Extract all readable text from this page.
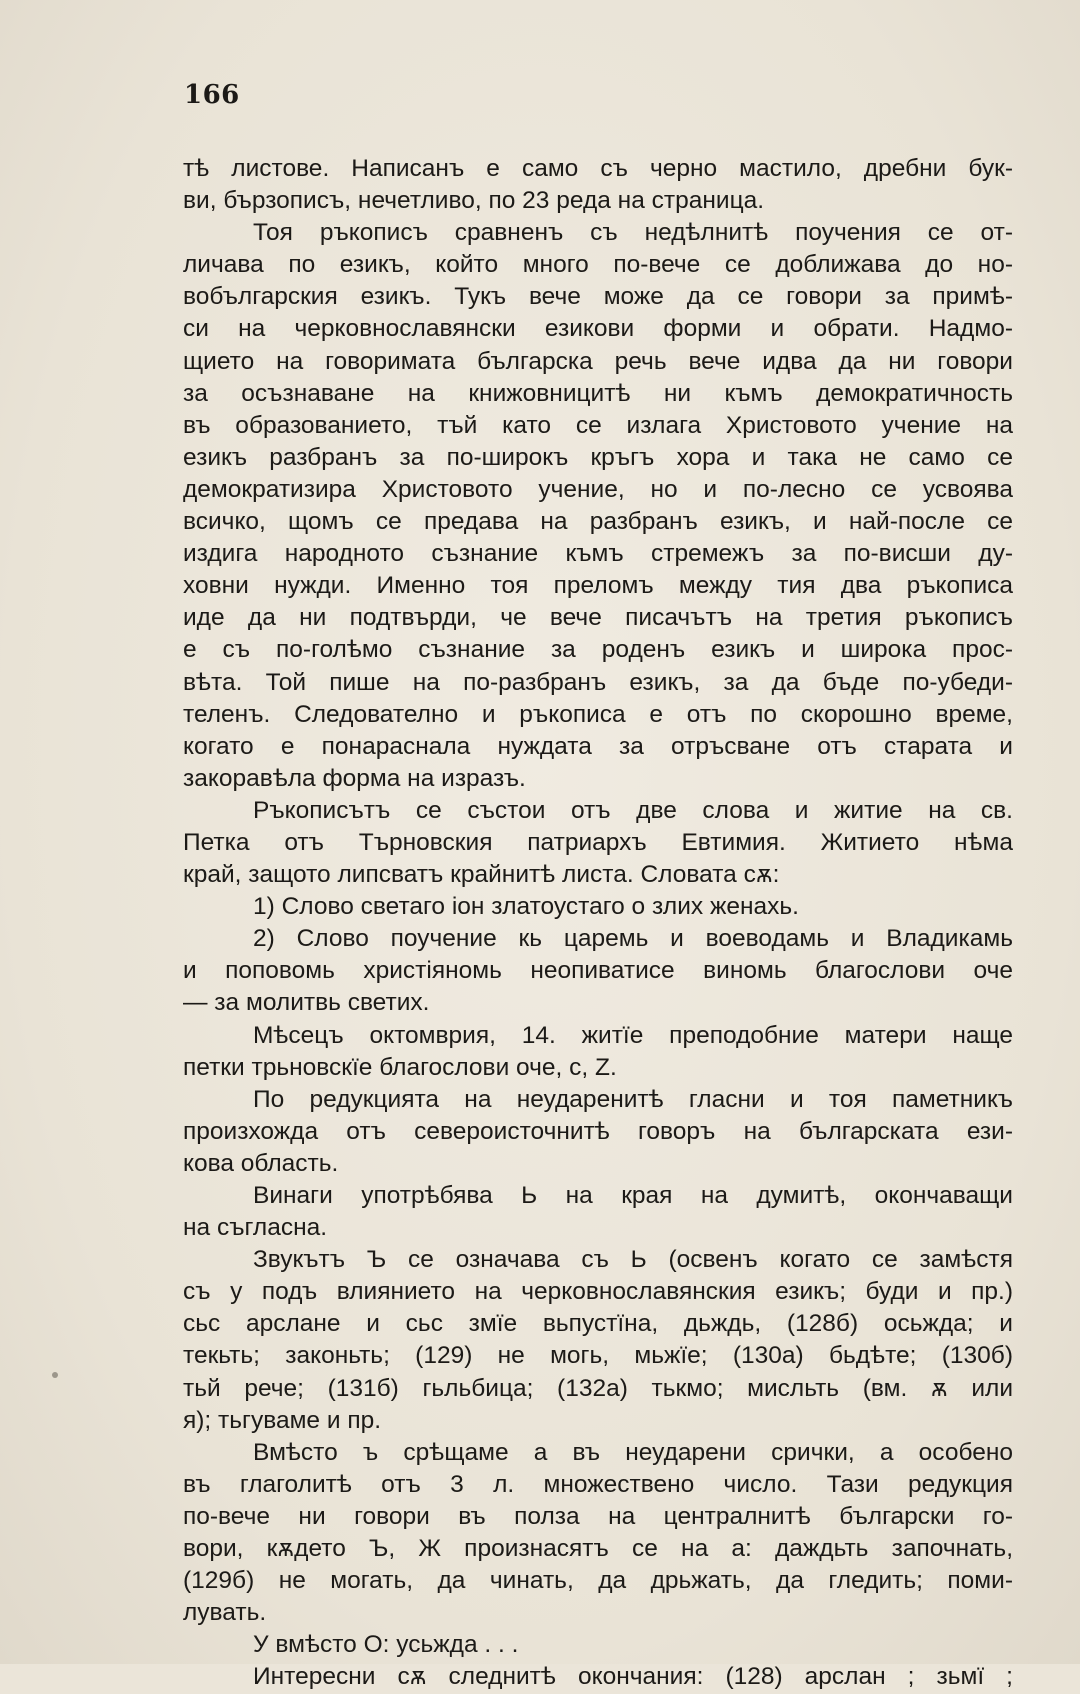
166
тѣ листове. Написанъ е само съ черно мастило, дребни бук-
ви, бързописъ, нечетливо, по 23 реда на страница.
Тоя ръкописъ сравненъ съ недѣлнитѣ поучения се от-
личава по езикъ, който много по-вече се доближава до но-
вобългарския езикъ. Тукъ вече може да се говори за примѣ-
си на черковнославянски езикови форми и обрати. Надмо-
щието на говоримата българска речь вече идва да ни говори
за осъзнаване на книжовницитѣ ни къмъ демократичность
въ образованието, тъй като се излага Христовото учение на
езикъ разбранъ за по-широкъ кръгъ хора и така не само се
демократизира Христовото учение, но и по-лесно се усвоява
всичко, щомъ се предава на разбранъ езикъ, и най-после се
издига народното съзнание къмъ стремежъ за по-висши ду-
ховни нужди. Именно тоя преломъ между тия два ръкописа
иде да ни подтвърди, че вече писачътъ на третия ръкописъ
е съ по-голѣмо съзнание за роденъ езикъ и широка прос-
вѣта. Той пише на по-разбранъ езикъ, за да бъде по-убеди-
теленъ. Следователно и ръкописа е отъ по скорошно време,
когато е понараснала нуждата за отръсване отъ старата и
закоравѣла форма на изразъ.
Ръкописътъ се състои отъ две слова и житие на св.
Петка отъ Търновския патриархъ Евтимия. Житието нѣма
край, защото липсватъ крайнитѣ листа. Словата сѫ:
1) Слово светаго іон златоустаго о злих женахь.
2) Слово поучение кь царемь и воеводамь и Владикамь
и поповомь христіяномь неопиватисе виномь благослови оче
— за молитвь светих.
Мѣсецъ октомврия, 14. житїе преподобние матери наще
петки трьновскїе благослови оче, с, Z.
По редукцията на неударенитѣ гласни и тоя паметникъ
произхожда отъ североисточнитѣ говоръ на българската ези-
кова область.
Винаги употрѣбява Ь на края на думитѣ, окончаващи
на съгласна.
Звукътъ Ъ се означава съ Ь (освенъ когато се замѣстя
съ у подъ влиянието на черковнославянския езикъ; буди и пр.)
сьс арслане и сьс змїе вьпустїна, дьждь, (128б) осьжда; и
текьть; законьть; (129) не могь, мьжїе; (130а) бьдѣте; (130б)
тьй рече; (131б) гьльбица; (132а) тькмо; мисльть (вм. ѫ или
я); тьгуваме и пр.
Вмѣсто ъ срѣщаме а въ неударени срички, а особено
въ глаголитѣ отъ 3 л. множествено число. Тази редукция
по-вече ни говори въ полза на централнитѣ български го-
вори, кѫдето Ъ, Ж произнасятъ се на а: даждьть започнать,
(129б) не могать, да чинать, да дрьжать, да гледить; поми-
лувать.
У вмѣсто О: усьжда . . .
Интересни сѫ следнитѣ окончания: (128) арслан ; зьмї ;
